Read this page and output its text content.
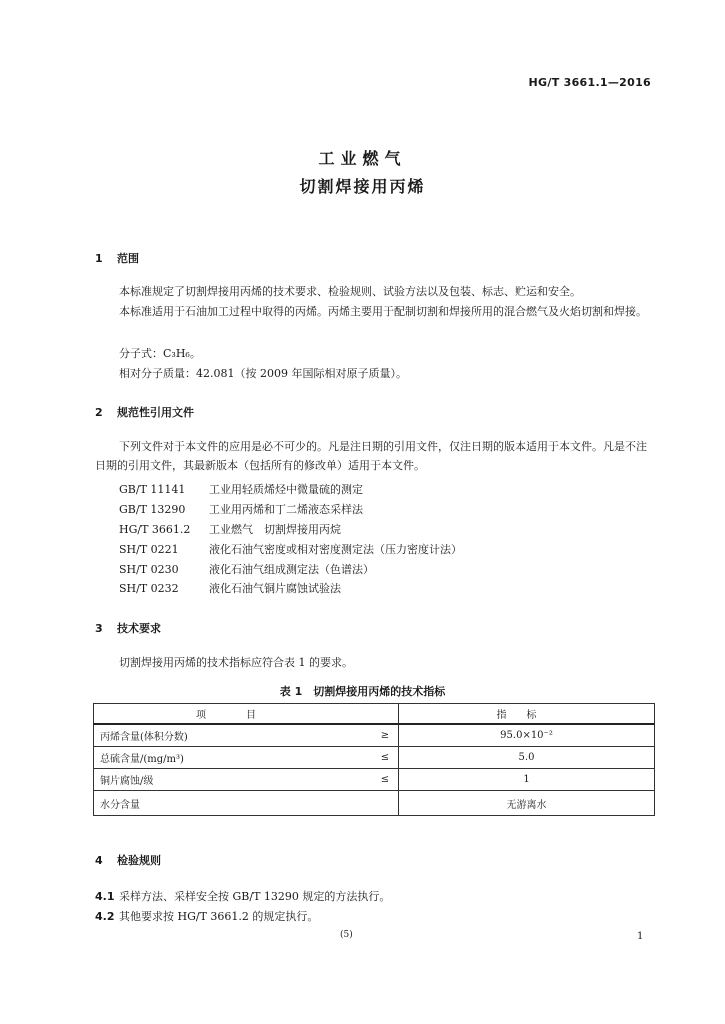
HG/T 3661.1—2016
工业燃气
切割焊接用丙烯
1 范围
本标准规定了切割焊接用丙烯的技术要求、检验规则、试验方法以及包装、标志、贮运和安全。
本标准适用于石油加工过程中取得的丙烯。丙烯主要用于配制切割和焊接所用的混合燃气及火焰切割和焊接。
分子式：C₃H₆。
相对分子质量：42.081（按 2009 年国际相对原子质量）。
2 规范性引用文件
下列文件对于本文件的应用是必不可少的。凡是注日期的引用文件，仅注日期的版本适用于本文件。凡是不注日期的引用文件，其最新版本（包括所有的修改单）适用于本文件。
GB/T 11141 工业用轻质烯烃中微量硫的测定
GB/T 13290 工业用丙烯和丁二烯液态采样法
HG/T 3661.2 工业燃气　切割焊接用丙烷
SH/T 0221	液化石油气密度或相对密度测定法（压力密度计法）
SH/T 0230	液化石油气组成测定法（色谱法）
SH/T 0232	液化石油气铜片腐蚀试验法
3 技术要求
切割焊接用丙烯的技术指标应符合表 1 的要求。
表 1　切割焊接用丙烯的技术指标
项目		指标
丙烯含量(体积分数)	≥	95.0×10⁻²
总硫含量/(mg/m³)	≤	5.0
铜片腐蚀/级	≤	1
水分含量		无游离水
4 检验规则
4.1 采样方法、采样安全按 GB/T 13290 规定的方法执行。
4.2 其他要求按 HG/T 3661.2 的规定执行。
(5)	1
